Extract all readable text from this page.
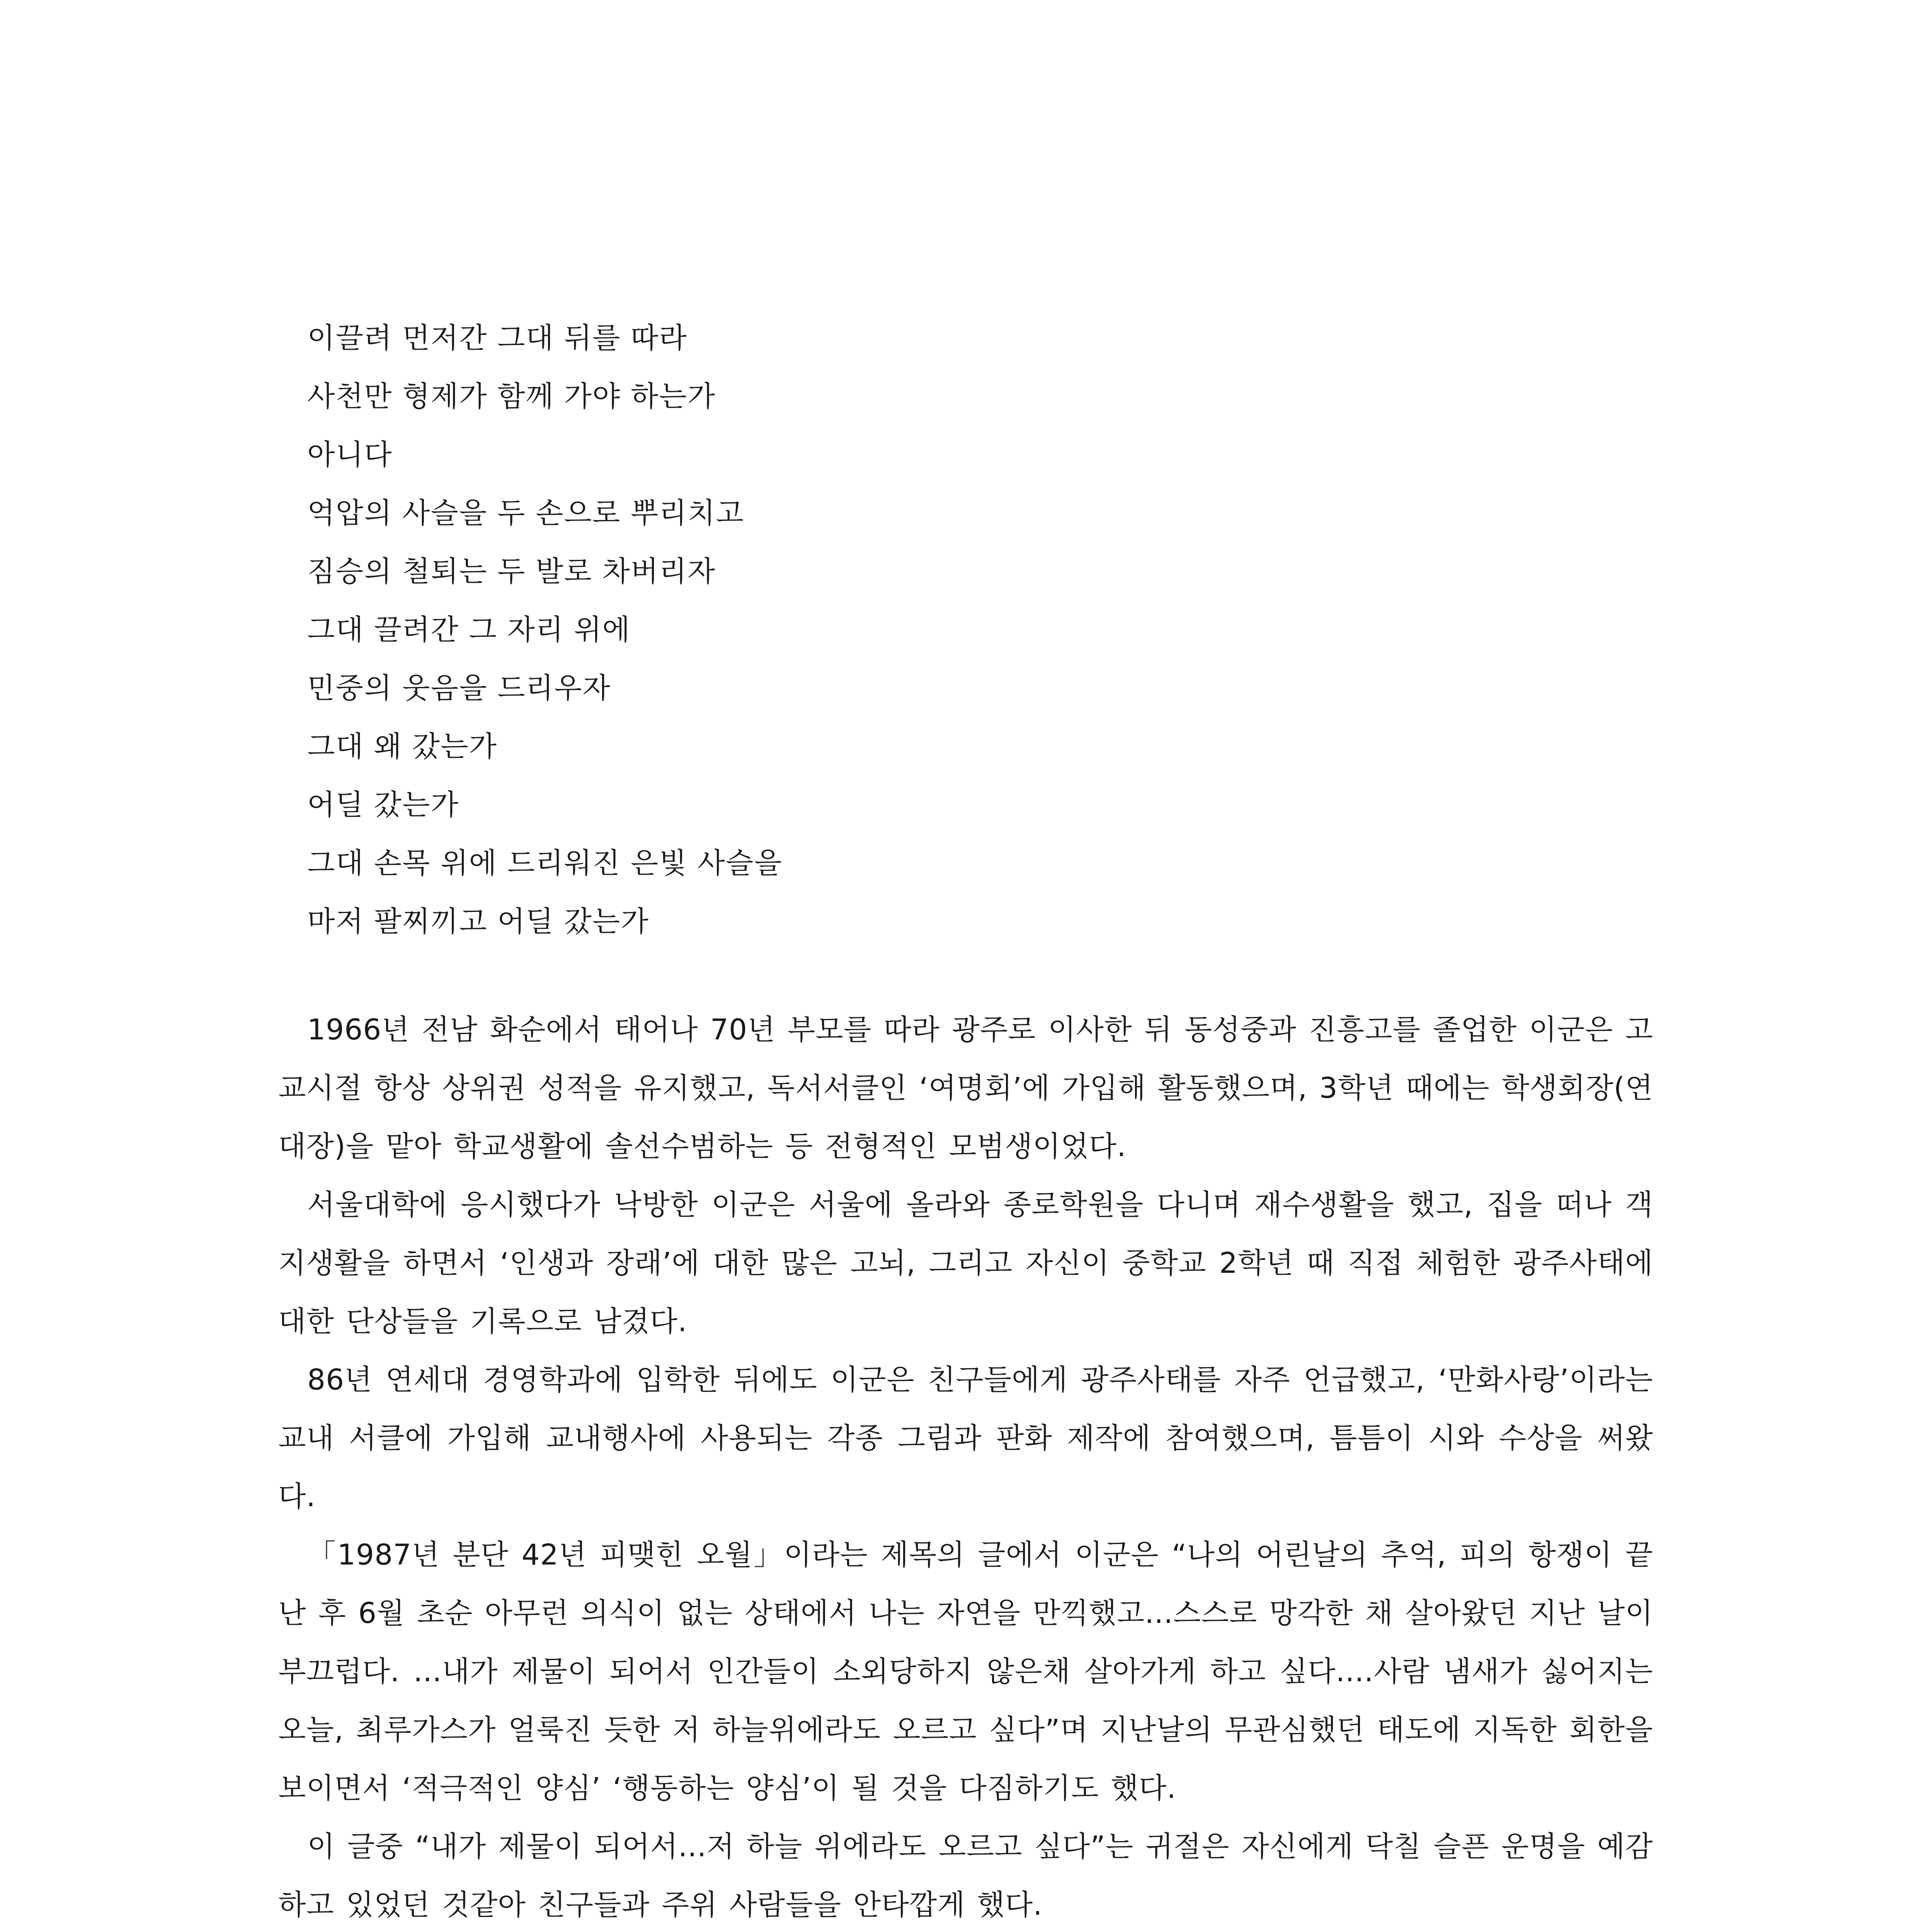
이끌려 먼저간 그대 뒤를 따라
사천만 형제가 함께 가야 하는가
아니다
억압의 사슬을 두 손으로 뿌리치고
짐승의 철퇴는 두 발로 차버리자
그대 끌려간 그 자리 위에
민중의 웃음을 드리우자
그대 왜 갔는가
어딜 갔는가
그대 손목 위에 드리워진 은빛 사슬을
마저 팔찌끼고 어딜 갔는가

1966년 전남 화순에서 태어나 70년 부모를 따라 광주로 이사한 뒤 동성중과 진흥고를 졸업한 이군은 고교시절 항상 상위권 성적을 유지했고, 독서서클인 ‘여명회’에 가입해 활동했으며, 3학년 때에는 학생회장(연대장)을 맡아 학교생활에 솔선수범하는 등 전형적인 모범생이었다.

서울대학에 응시했다가 낙방한 이군은 서울에 올라와 종로학원을 다니며 재수생활을 했고, 집을 떠나 객지생활을 하면서 ‘인생과 장래’에 대한 많은 고뇌, 그리고 자신이 중학교 2학년 때 직접 체험한 광주사태에 대한 단상들을 기록으로 남겼다.

86년 연세대 경영학과에 입학한 뒤에도 이군은 친구들에게 광주사태를 자주 언급했고, ‘만화사랑’이라는 교내 서클에 가입해 교내행사에 사용되는 각종 그림과 판화 제작에 참여했으며, 틈틈이 시와 수상을 써왔다.

「1987년 분단 42년 피맺힌 오월」이라는 제목의 글에서 이군은 “나의 어린날의 추억, 피의 항쟁이 끝난 후 6월 초순 아무런 의식이 없는 상태에서 나는 자연을 만끽했고...스스로 망각한 채 살아왔던 지난 날이 부끄럽다. ...내가 제물이 되어서 인간들이 소외당하지 않은채 살아가게 하고 싶다....사람 냄새가 싫어지는 오늘, 최루가스가 얼룩진 듯한 저 하늘위에라도 오르고 싶다”며 지난날의 무관심했던 태도에 지독한 회한을 보이면서 ‘적극적인 양심’ ‘행동하는 양심’이 될 것을 다짐하기도 했다.

이 글중 “내가 제물이 되어서...저 하늘 위에라도 오르고 싶다”는 귀절은 자신에게 닥칠 슬픈 운명을 예감하고 있었던 것같아 친구들과 주위 사람들을 안타깝게 했다.
